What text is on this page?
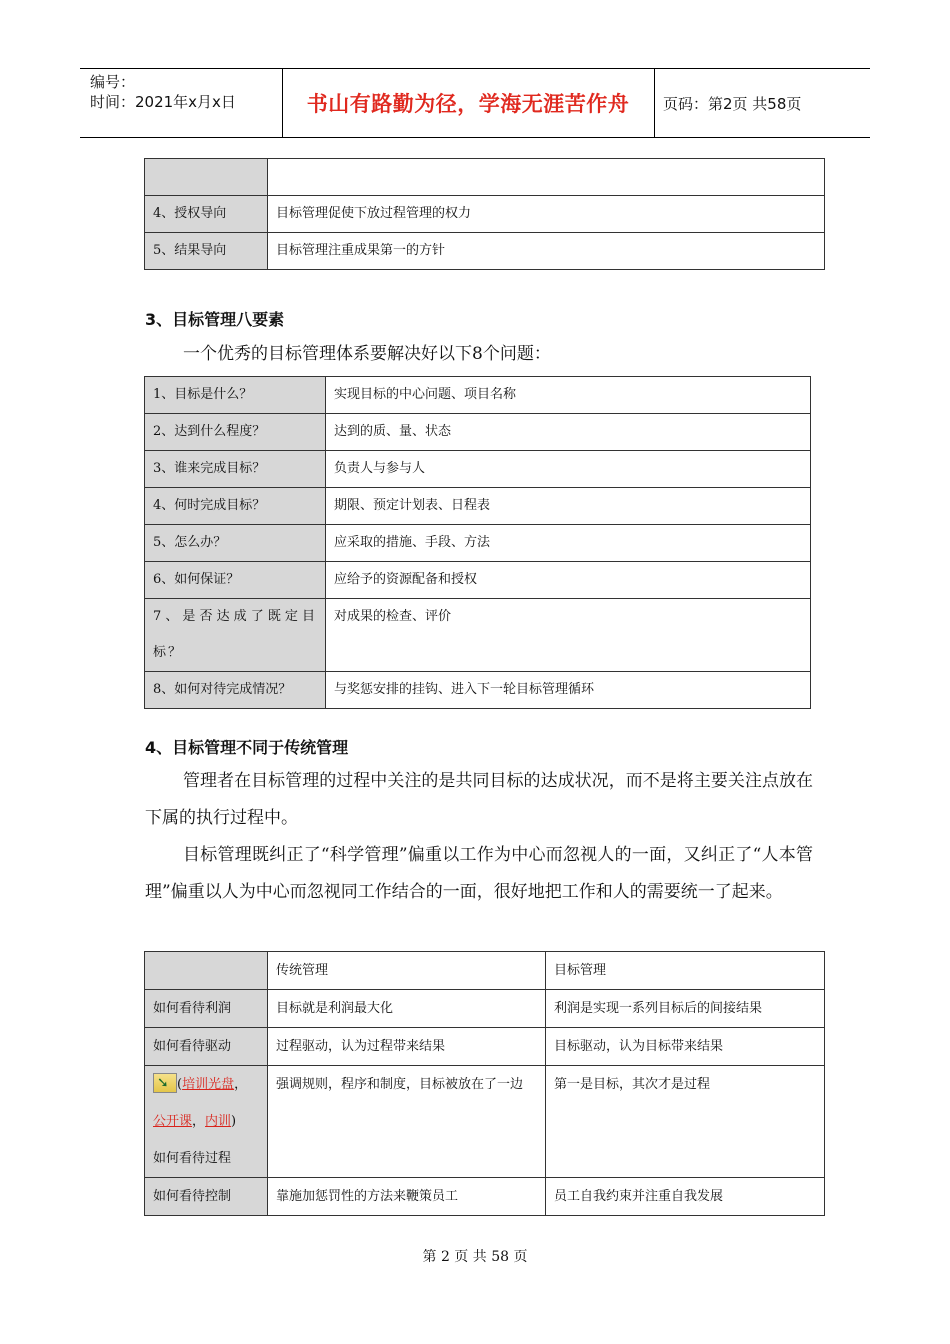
编号：
时间：2021年x月x日	书山有路勤为径，学海无涯苦作舟	页码：第2页 共58页

4、授权导向	目标管理促使下放过程管理的权力
5、结果导向	目标管理注重成果第一的方针
3、目标管理八要素
一个优秀的目标管理体系要解决好以下8个问题：
1、目标是什么？	实现目标的中心问题、项目名称
2、达到什么程度？	达到的质、量、状态
3、谁来完成目标？	负责人与参与人
4、何时完成目标？	期限、预定计划表、日程表
5、怎么办？	应采取的措施、手段、方法
6、如何保证？	应给予的资源配备和授权
7、是否达成了既定目标？	对成果的检查、评价
8、如何对待完成情况？	与奖惩安排的挂钩、进入下一轮目标管理循环
4、目标管理不同于传统管理
管理者在目标管理的过程中关注的是共同目标的达成状况，而不是将主要关注点放在下属的执行过程中。
目标管理既纠正了“科学管理”偏重以工作为中心而忽视人的一面，又纠正了“人本管理”偏重以人为中心而忽视同工作结合的一面，很好地把工作和人的需要统一了起来。
	传统管理	目标管理
如何看待利润	目标就是利润最大化	利润是实现一系列目标后的间接结果
如何看待驱动	过程驱动，认为过程带来结果	目标驱动，认为目标带来结果

➘ (培训光盘，
公开课，内训)
如何看待过程	强调规则，程序和制度，目标被放在了一边	第一是目标，其次才是过程
如何看待控制	靠施加惩罚性的方法来鞭策员工	员工自我约束并注重自我发展
第 2 页 共 58 页
